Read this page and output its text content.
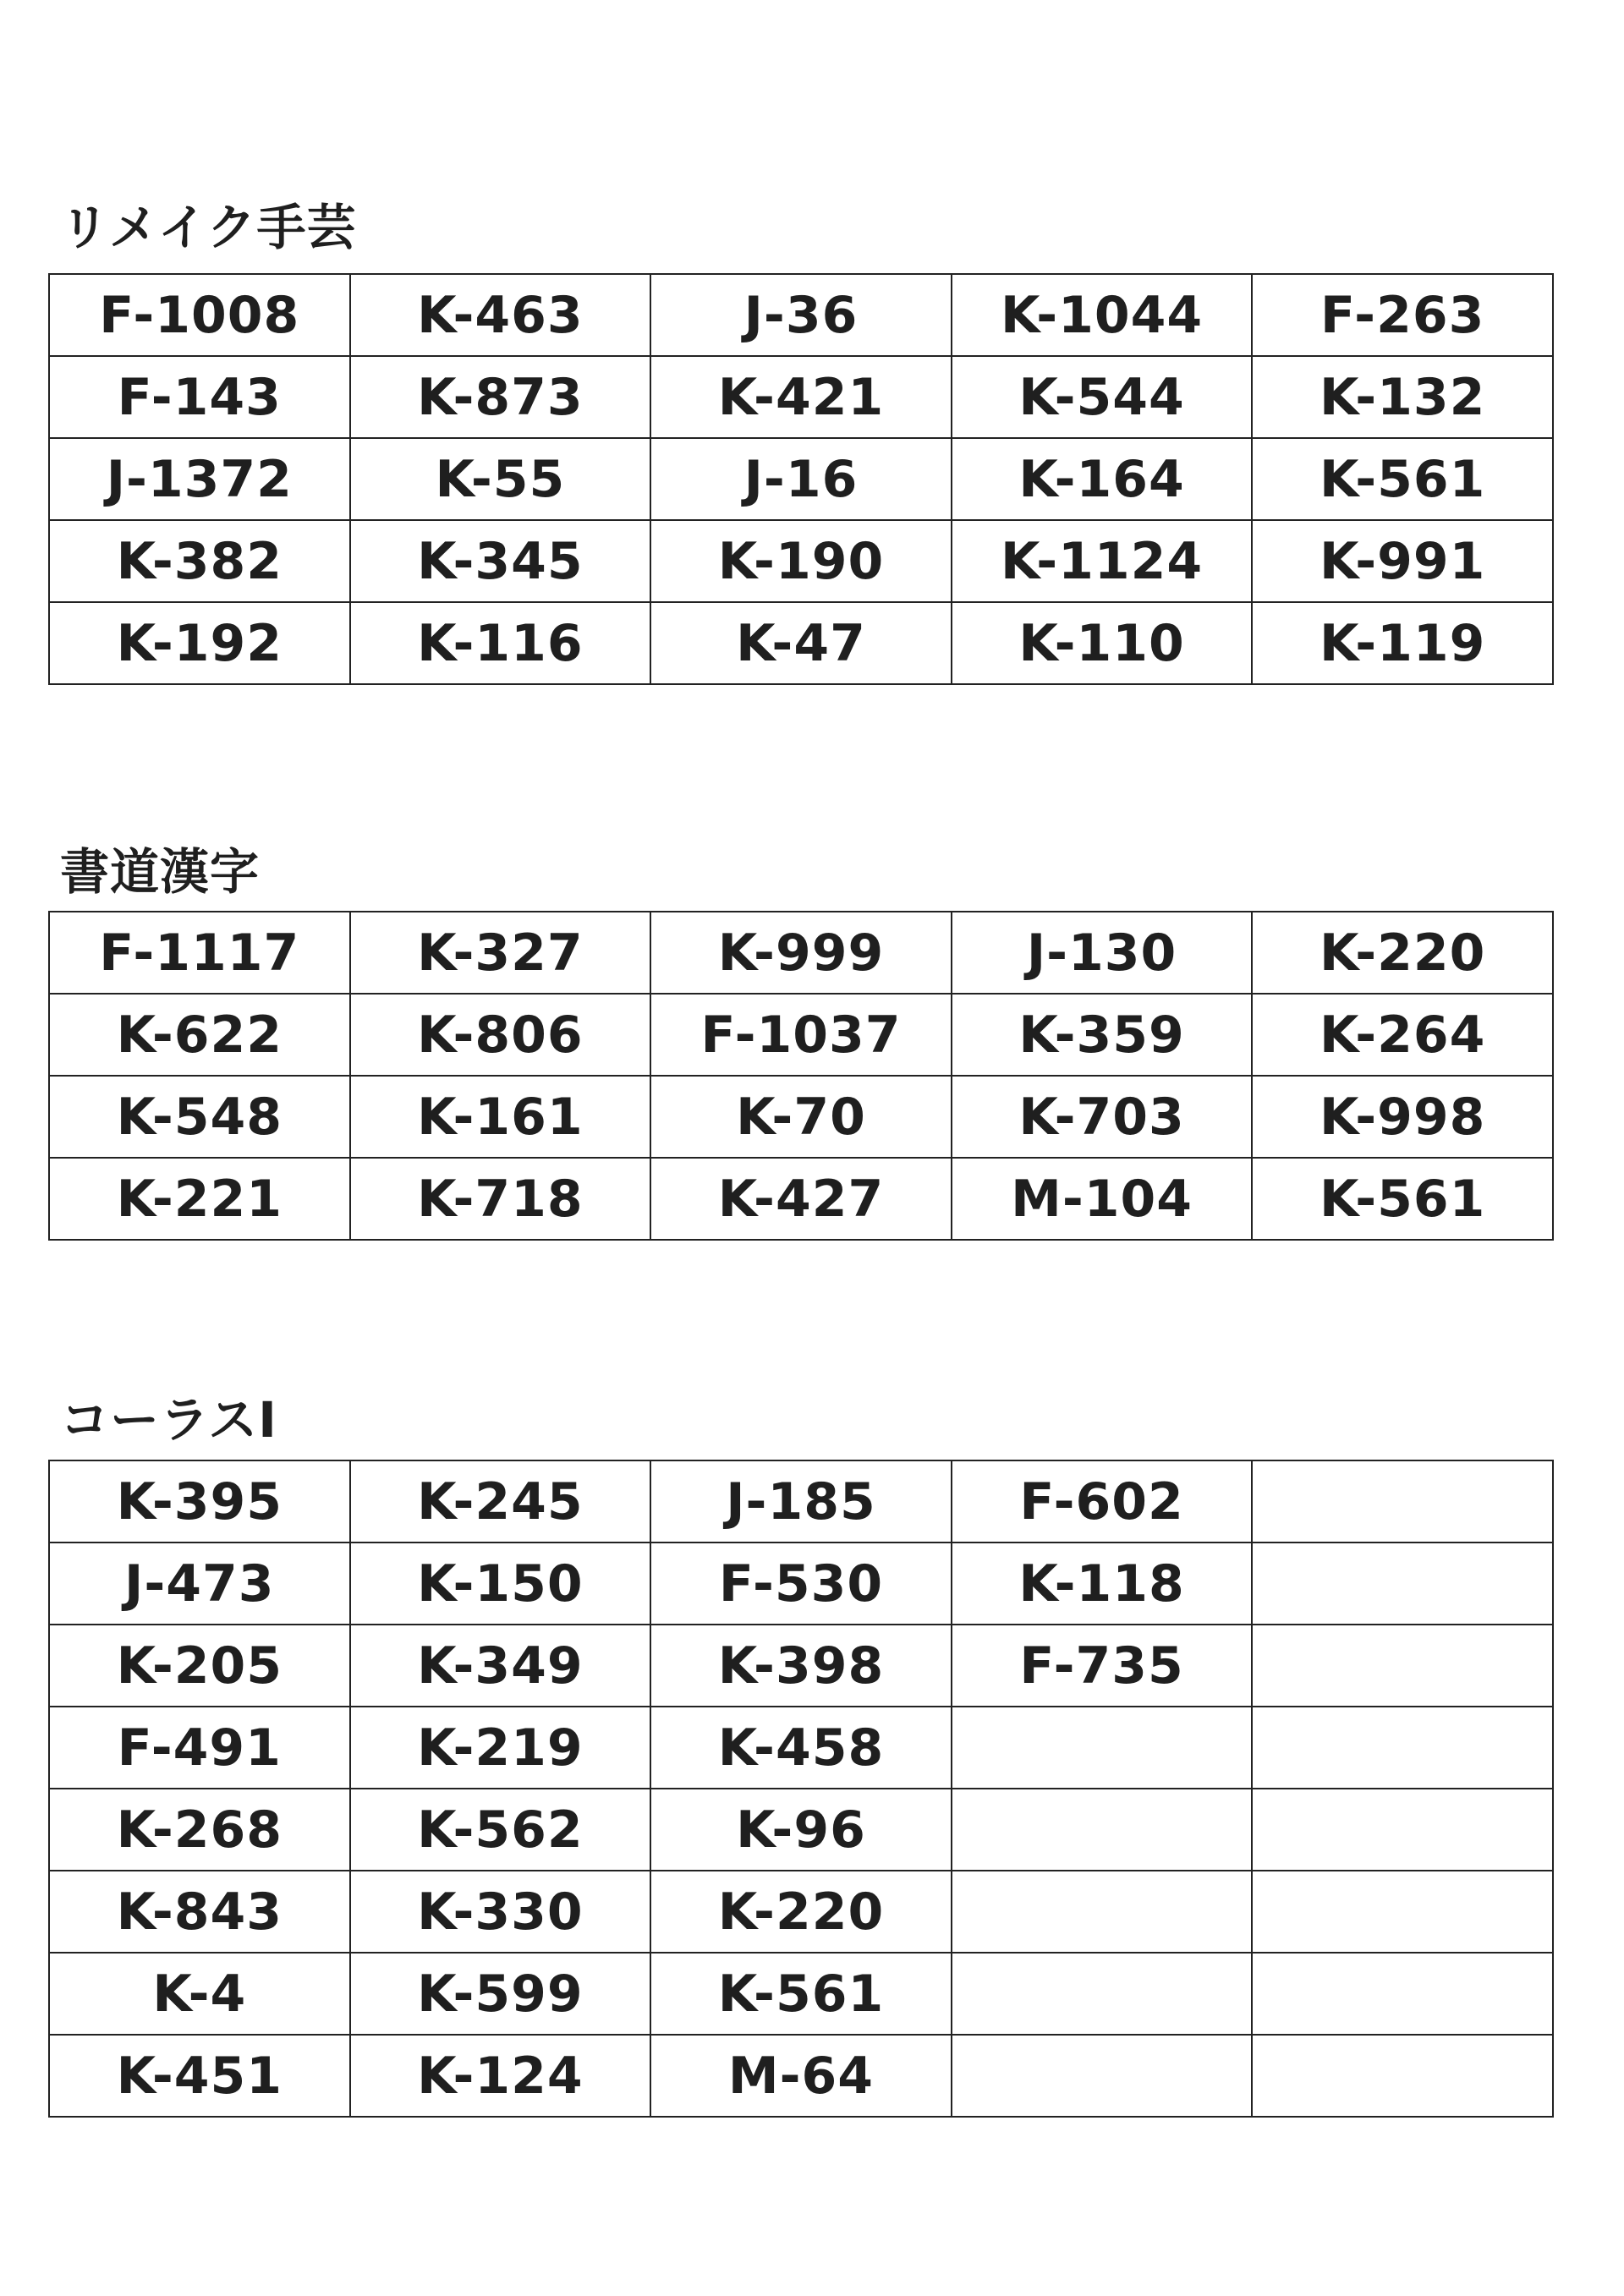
リメイク手芸
F-1008	K-463	J-36	K-1044	F-263
F-143	K-873	K-421	K-544	K-132
J-1372	K-55	J-16	K-164	K-561
K-382	K-345	K-190	K-1124	K-991
K-192	K-116	K-47	K-110	K-119
書道漢字
F-1117	K-327	K-999	J-130	K-220
K-622	K-806	F-1037	K-359	K-264
K-548	K-161	K-70	K-703	K-998
K-221	K-718	K-427	M-104	K-561
コーラスⅠ
K-395	K-245	J-185	F-602	
J-473	K-150	F-530	K-118	
K-205	K-349	K-398	F-735	
F-491	K-219	K-458		
K-268	K-562	K-96		
K-843	K-330	K-220		
K-4	K-599	K-561		
K-451	K-124	M-64		
